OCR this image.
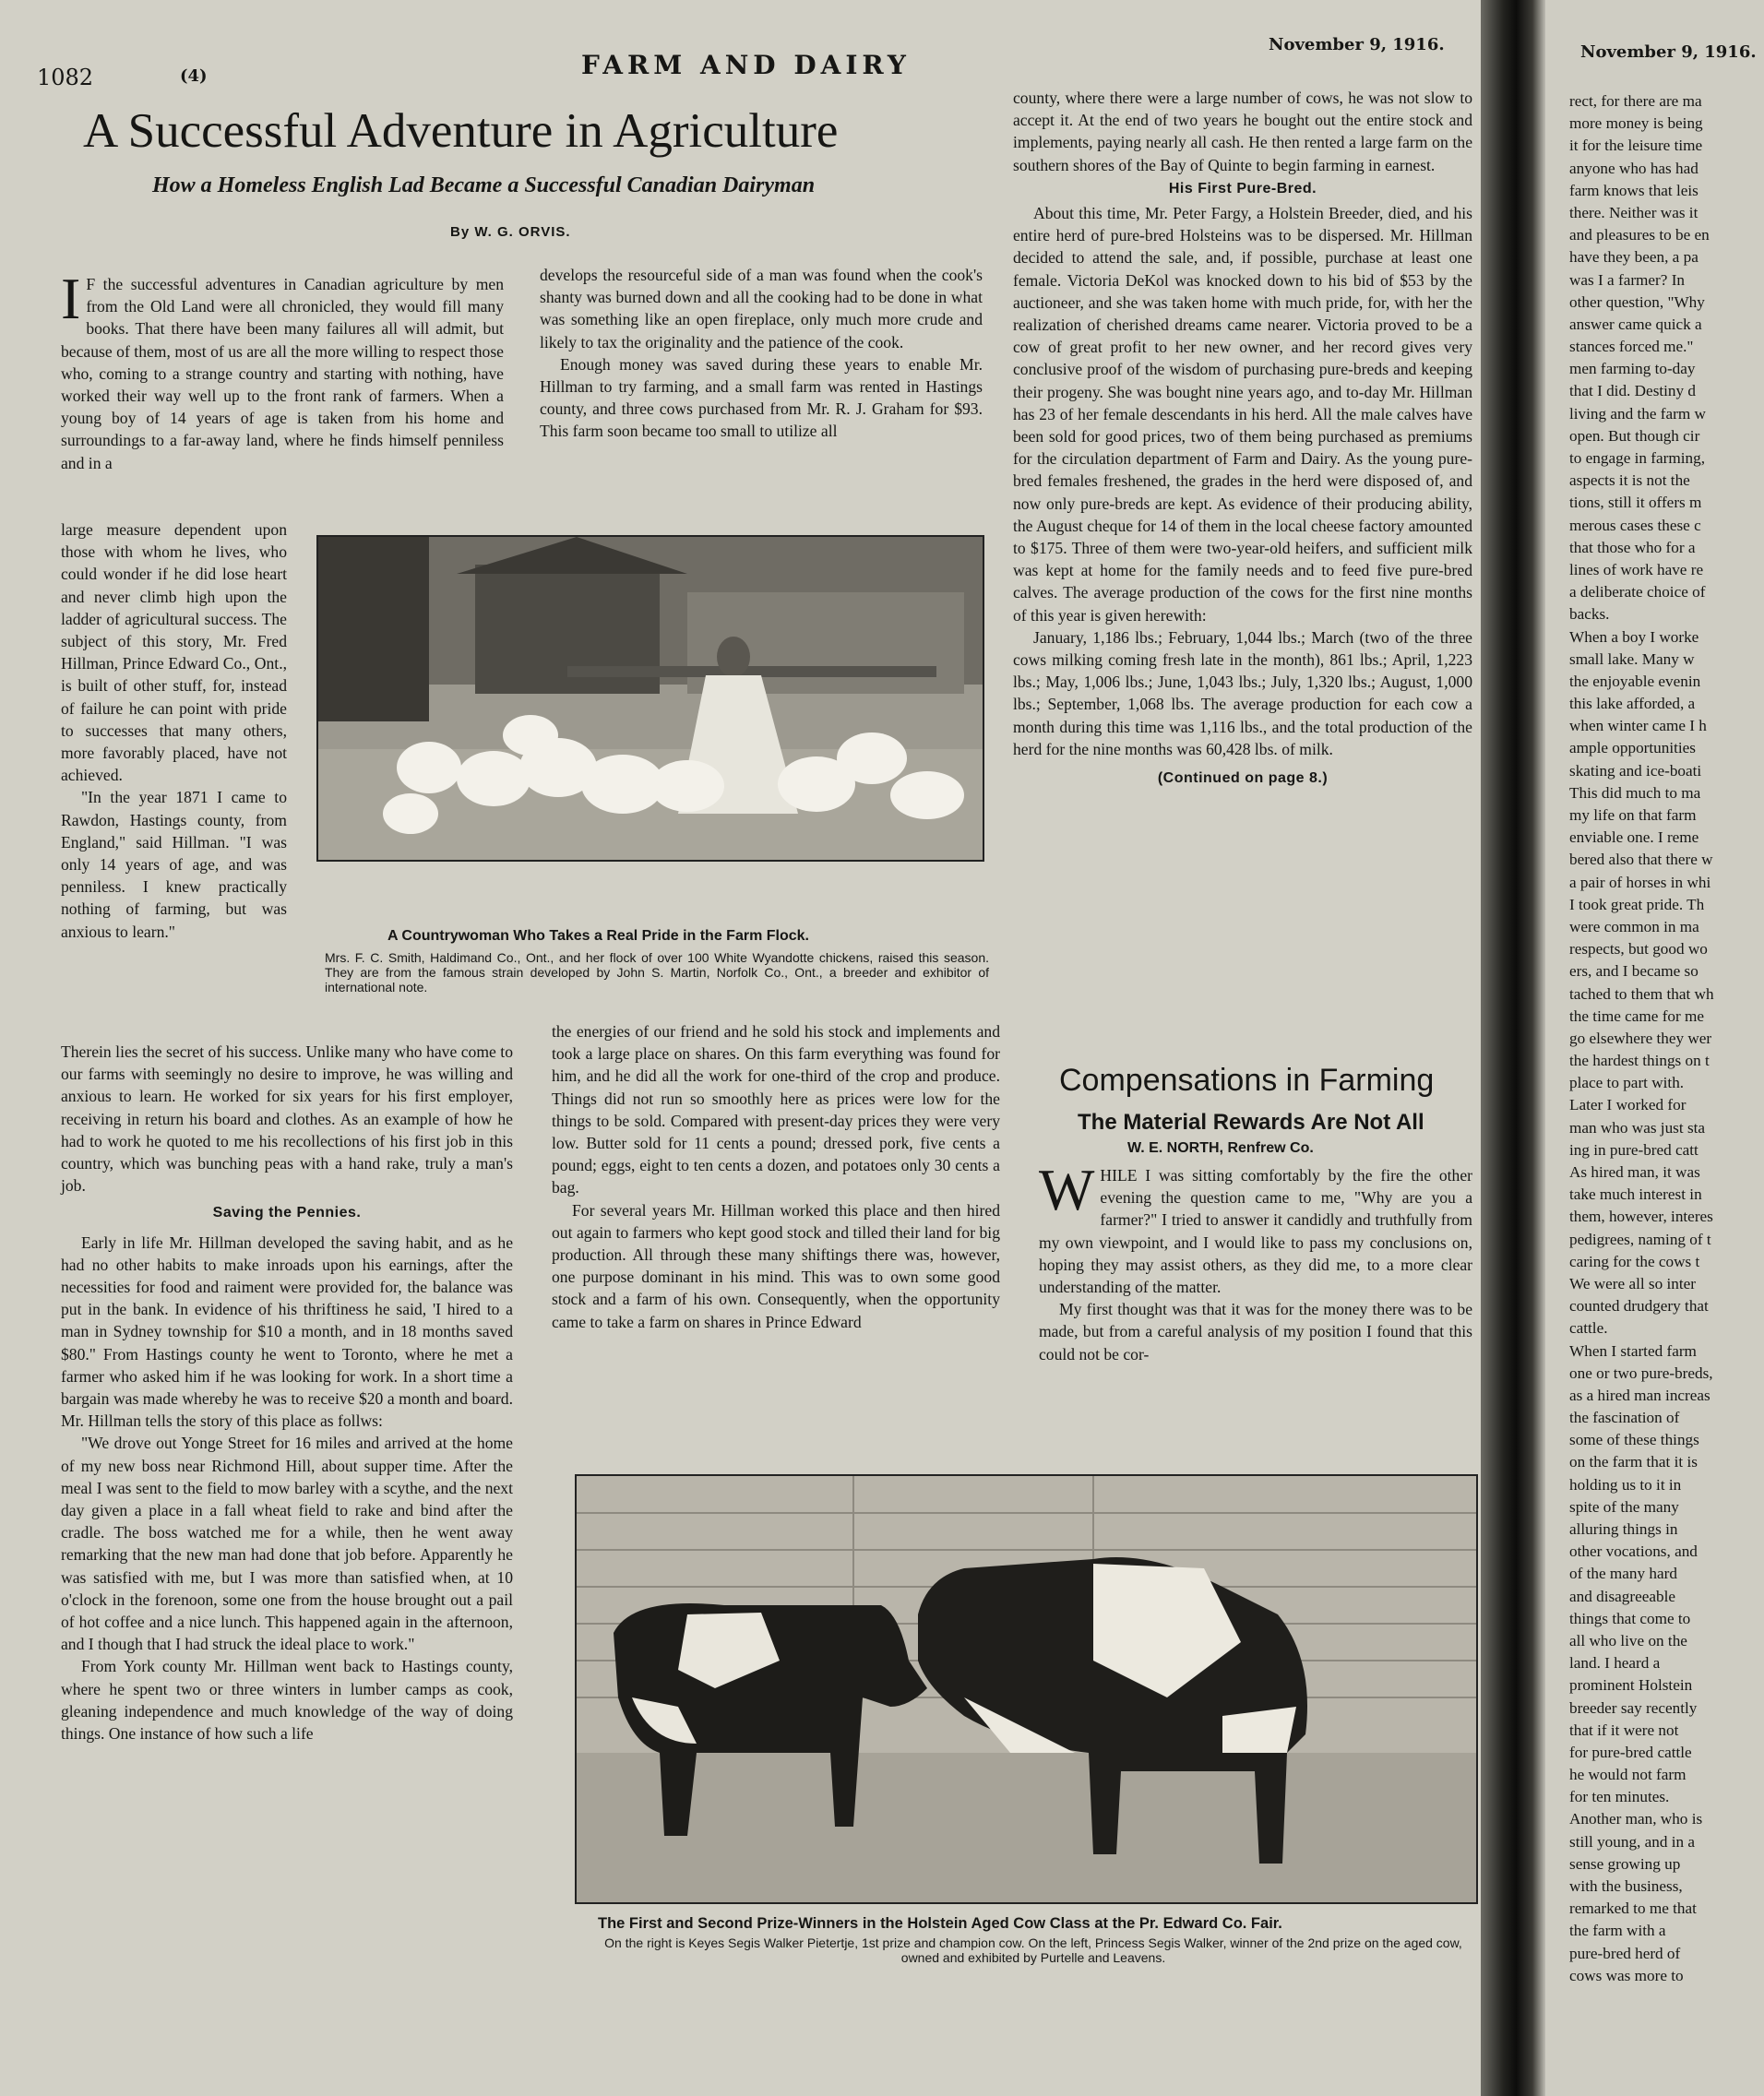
1082	(4)	FARM AND DAIRY
November 9, 1916.
A Successful Adventure in Agriculture
How a Homeless English Lad Became a Successful Canadian Dairyman
By W. G. ORVIS.
I F the successful adventures in Canadian agriculture by men from the Old Land were all chronicled, they would fill many books. That there have been many failures all will admit, but because of them, most of us are all the more willing to respect those who, coming to a strange country and starting with nothing, have worked their way well up to the front rank of farmers. When a young boy of 14 years of age is taken from his home and surroundings to a far-away land, where he finds himself penniless and in a

large measure dependent upon those with whom he lives, who could wonder if he did lose heart and never climb high upon the ladder of agricultural success. The subject of this story, Mr. Fred Hillman, Prince Edward Co., Ont., is built of other stuff, for, instead of failure he can point with pride to successes that many others, more favorably placed, have not achieved.

"In the year 1871 I came to Rawdon, Hastings county, from England," said Hillman. "I was only 14 years of age, and was penniless. I knew practically nothing of farming, but was anxious to learn."

Therein lies the secret of his success. Unlike many who have come to our farms with seemingly no desire to improve, he was willing and anxious to learn. He worked for six years for his first employer, receiving in return his board and clothes. As an example of how he had to work he quoted to me his recollections of his first job in this country, which was bunching peas with a hand rake, truly a man's job.

Saving the Pennies.

Early in life Mr. Hillman developed the saving habit, and as he had no other habits to make inroads upon his earnings, after the necessities for food and raiment were provided for, the balance was put in the bank. In evidence of his thriftiness he said, 'I hired to a man in Sydney township for $10 a month, and in 18 months saved $80." From Hastings county he went to Toronto, where he met a farmer who asked him if he was looking for work. In a short time a bargain was made whereby he was to receive $20 a month and board. Mr. Hillman tells the story of this place as follws:

"We drove out Yonge Street for 16 miles and arrived at the home of my new boss near Richmond Hill, about supper time. After the meal I was sent to the field to mow barley with a scythe, and the next day given a place in a fall wheat field to rake and bind after the cradle. The boss watched me for a while, then he went away remarking that the new man had done that job before. Apparently he was satisfied with me, but I was more than satisfied when, at 10 o'clock in the forenoon, some one from the house brought out a pail of hot coffee and a nice lunch. This happened again in the afternoon, and I though that I had struck the ideal place to work."

From York county Mr. Hillman went back to Hastings county, where he spent two or three winters in lumber camps as cook, gleaning independence and much knowledge of the way of doing things. One instance of how such a life

develops the resourceful side of a man was found when the cook's shanty was burned down and all the cooking had to be done in what was something like an open fireplace, only much more crude and likely to tax the originality and the patience of the cook.

Enough money was saved during these years to enable Mr. Hillman to try farming, and a small farm was rented in Hastings county, and three cows purchased from Mr. R. J. Graham for $93. This farm soon became too small to utilize all

A Countrywoman Who Takes a Real Pride in the Farm Flock.
Mrs. F. C. Smith, Haldimand Co., Ont., and her flock of over 100 White Wyandotte chickens, raised this season. They are from the famous strain developed by John S. Martin, Norfolk Co., Ont., a breeder and exhibitor of international note.

the energies of our friend and he sold his stock and implements and took a large place on shares. On this farm everything was found for him, and he did all the work for one-third of the crop and produce. Things did not run so smoothly here as prices were low for the things to be sold. Compared with present-day prices they were very low. Butter sold for 11 cents a pound; dressed pork, five cents a pound; eggs, eight to ten cents a dozen, and potatoes only 30 cents a bag.

For several years Mr. Hillman worked this place and then hired out again to farmers who kept good stock and tilled their land for big production. All through these many shiftings there was, however, one purpose dominant in his mind. This was to own some good stock and a farm of his own. Consequently, when the opportunity came to take a farm on shares in Prince Edward

county, where there were a large number of cows, he was not slow to accept it. At the end of two years he bought out the entire stock and implements, paying nearly all cash. He then rented a large farm on the southern shores of the Bay of Quinte to begin farming in earnest.

His First Pure-Bred.

About this time, Mr. Peter Fargy, a Holstein Breeder, died, and his entire herd of pure-bred Holsteins was to be dispersed. Mr. Hillman decided to attend the sale, and, if possible, purchase at least one female. Victoria DeKol was knocked down to his bid of $53 by the auctioneer, and she was taken home with much pride, for, with her the realization of cherished dreams came nearer. Victoria proved to be a cow of great profit to her new owner, and her record gives very conclusive proof of the wisdom of purchasing pure-breds and keeping their progeny. She was bought nine years ago, and to-day Mr. Hillman has 23 of her female descendants in his herd. All the male calves have been sold for good prices, two of them being purchased as premiums for the circulation department of Farm and Dairy. As the young pure-bred females freshened, the grades in the herd were disposed of, and now only pure-breds are kept. As evidence of their producing ability, the August cheque for 14 of them in the local cheese factory amounted to $175. Three of them were two-year-old heifers, and sufficient milk was kept at home for the family needs and to feed five pure-bred calves. The average production of the cows for the first nine months of this year is given herewith:

January, 1,186 lbs.; February, 1,044 lbs.; March (two of the three cows milking coming fresh late in the month), 861 lbs.; April, 1,223 lbs.; May, 1,006 lbs.; June, 1,043 lbs.; July, 1,320 lbs.; August, 1,000 lbs.; September, 1,068 lbs. The average production for each cow a month during this time was 1,116 lbs., and the total production of the herd for the nine months was 60,428 lbs. of milk.

(Continued on page 8.)
Compensations in Farming
The Material Rewards Are Not All
W. E. NORTH, Renfrew Co.
W HILE I was sitting comfortably by the fire the other evening the question came to me, "Why are you a farmer?" I tried to answer it candidly and truthfully from my own viewpoint, and I would like to pass my conclusions on, hoping they may assist others, as they did me, to a more clear understanding of the matter.

My first thought was that it was for the money there was to be made, but from a careful analysis of my position I found that this could not be cor-

The First and Second Prize-Winners in the Holstein Aged Cow Class at the Pr. Edward Co. Fair.
On the right is Keyes Segis Walker Pietertje, 1st prize and champion cow. On the left, Princess Segis Walker, winner of the 2nd prize on the aged cow, owned and exhibited by Purtelle and Leavens.
November 9, 1916.
rect, for there are ma
more money is being
it for the leisure time
anyone who has had
farm knows that leis
there. Neither was it
and pleasures to be en
have they been, a pa
was I a farmer? In
other question, "Why
answer came quick a
stances forced me."
men farming to-day
that I did. Destiny d
living and the farm w
open. But though cir
to engage in farming,
aspects it is not the
tions, still it offers m
merous cases these c
that those who for a
lines of work have re
a deliberate choice of
backs.
When a boy I worke
small lake. Many w
the enjoyable evenin
this lake afforded, a
when winter came I h
ample opportunities
skating and ice-boati
This did much to ma
my life on that farm
enviable one. I reme
bered also that there w
a pair of horses in whi
I took great pride. Th
were common in ma
respects, but good wo
ers, and I became so
tached to them that wh
the time came for me
go elsewhere they wer
the hardest things on t
place to part with.
Later I worked for
man who was just sta
ing in pure-bred catt
As hired man, it was
take much interest in
them, however, interes
pedigrees, naming of t
caring for the cows t
We were all so inter
counted drudgery that
cattle.
When I started farm
one or two pure-breds,
as a hired man increas
the fascination of
some of these things
on the farm that it is
holding us to it in
spite of the many
alluring things in
other vocations, and
of the many hard
and disagreeable
things that come to
all who live on the
land. I heard a
prominent Holstein
breeder say recently
that if it were not
for pure-bred cattle
he would not farm
for ten minutes.
Another man, who is
still young, and in a
sense growing up
with the business,
remarked to me that
the farm with a
pure-bred herd of
cows was more to
